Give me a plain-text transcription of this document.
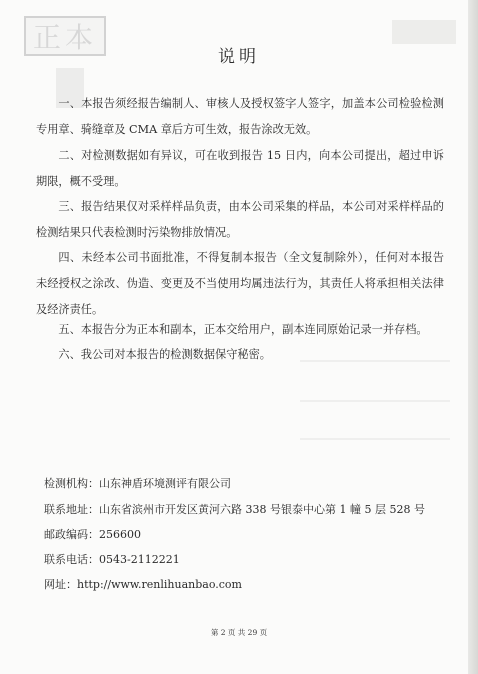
正本
说明

一、本报告须经报告编制人、审核人及授权签字人签字，加盖本公司检验检测专用章、骑缝章及 CMA 章后方可生效，报告涂改无效。

二、对检测数据如有异议，可在收到报告 15 日内，向本公司提出，超过申诉期限，概不受理。

三、报告结果仅对采样样品负责，由本公司采集的样品，本公司对采样样品的检测结果只代表检测时污染物排放情况。

四、未经本公司书面批准，不得复制本报告（全文复制除外），任何对本报告未经授权之涂改、伪造、变更及不当使用均属违法行为，其责任人将承担相关法律及经济责任。

五、本报告分为正本和副本，正本交给用户，副本连同原始记录一并存档。

六、我公司对本报告的检测数据保守秘密。

检测机构：山东神盾环境测评有限公司

联系地址：山东省滨州市开发区黄河六路 338 号银泰中心第 1 幢 5 层 528 号

邮政编码：256600

联系电话：0543-2112221

网址：http://www.renlihuanbao.com

第 2 页 共 29 页
